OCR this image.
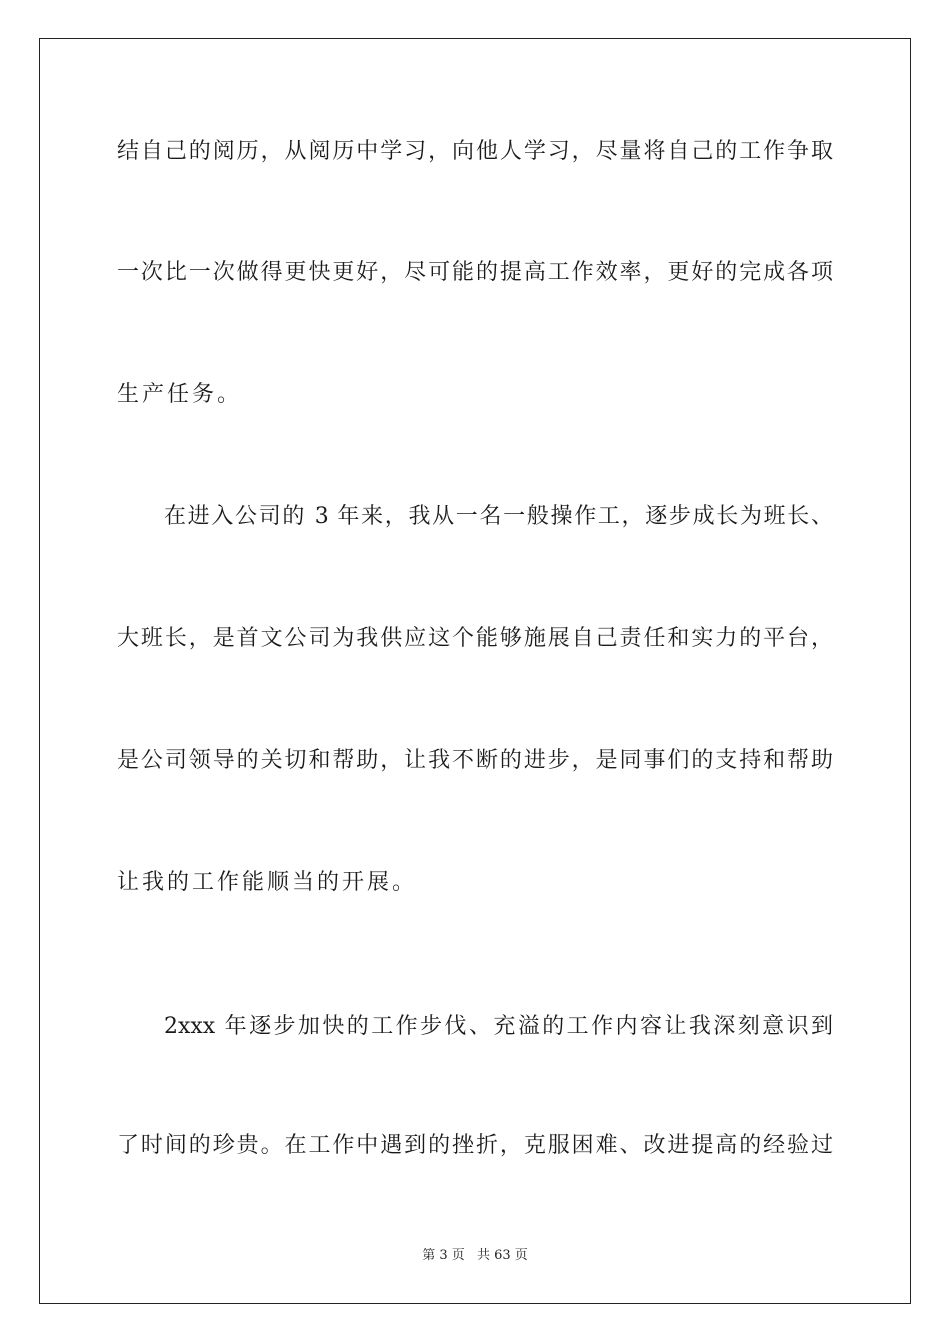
结自己的阅历，从阅历中学习，向他人学习，尽量将自己的工作争取
一次比一次做得更快更好，尽可能的提高工作效率，更好的完成各项
生产任务。
在进入公司的 3 年来，我从一名一般操作工，逐步成长为班长、
大班长，是首文公司为我供应这个能够施展自己责任和实力的平台，
是公司领导的关切和帮助，让我不断的进步，是同事们的支持和帮助
让我的工作能顺当的开展。
2xxx 年逐步加快的工作步伐、充溢的工作内容让我深刻意识到
了时间的珍贵。在工作中遇到的挫折，克服困难、改进提高的经验过
第 3 页 共 63 页
